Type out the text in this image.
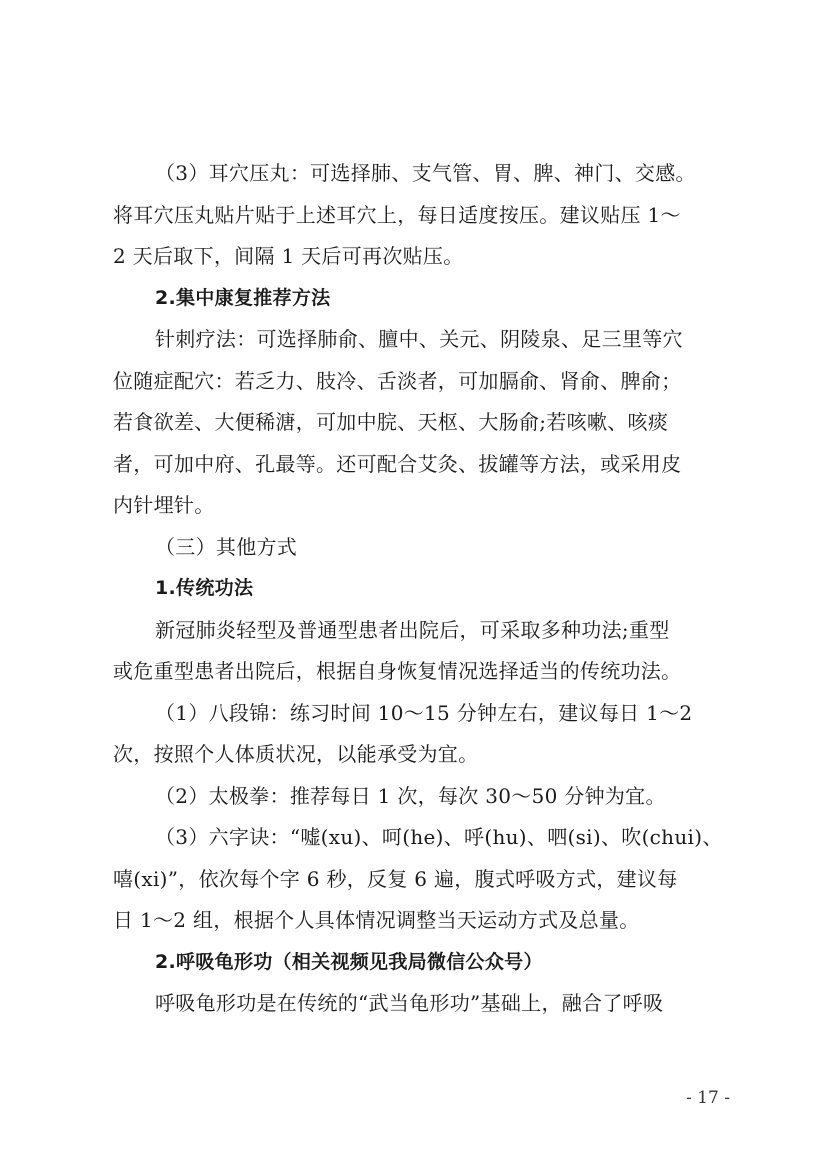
（3）耳穴压丸：可选择肺、支气管、胃、脾、神门、交感。
将耳穴压丸贴片贴于上述耳穴上，每日适度按压。建议贴压 1～
2 天后取下，间隔 1 天后可再次贴压。
2.集中康复推荐方法
针刺疗法：可选择肺俞、膻中、关元、阴陵泉、足三里等穴
位随症配穴：若乏力、肢冷、舌淡者，可加膈俞、肾俞、脾俞；
若食欲差、大便稀溏，可加中脘、天枢、大肠俞;若咳嗽、咳痰
者，可加中府、孔最等。还可配合艾灸、拔罐等方法，或采用皮
内针埋针。
（三）其他方式
1.传统功法
新冠肺炎轻型及普通型患者出院后，可采取多种功法;重型
或危重型患者出院后，根据自身恢复情况选择适当的传统功法。
（1）八段锦：练习时间 10～15 分钟左右，建议每日 1～2
次，按照个人体质状况，以能承受为宜。
（2）太极拳：推荐每日 1 次，每次 30～50 分钟为宜。
（3）六字诀：“嘘(xu)、呵(he)、呼(hu)、呬(si)、吹(chui)、
嘻(xi)”，依次每个字 6 秒，反复 6 遍，腹式呼吸方式，建议每
日 1～2 组，根据个人具体情况调整当天运动方式及总量。
2.呼吸龟形功（相关视频见我局微信公众号）
呼吸龟形功是在传统的“武当龟形功”基础上，融合了呼吸
- 17 -
